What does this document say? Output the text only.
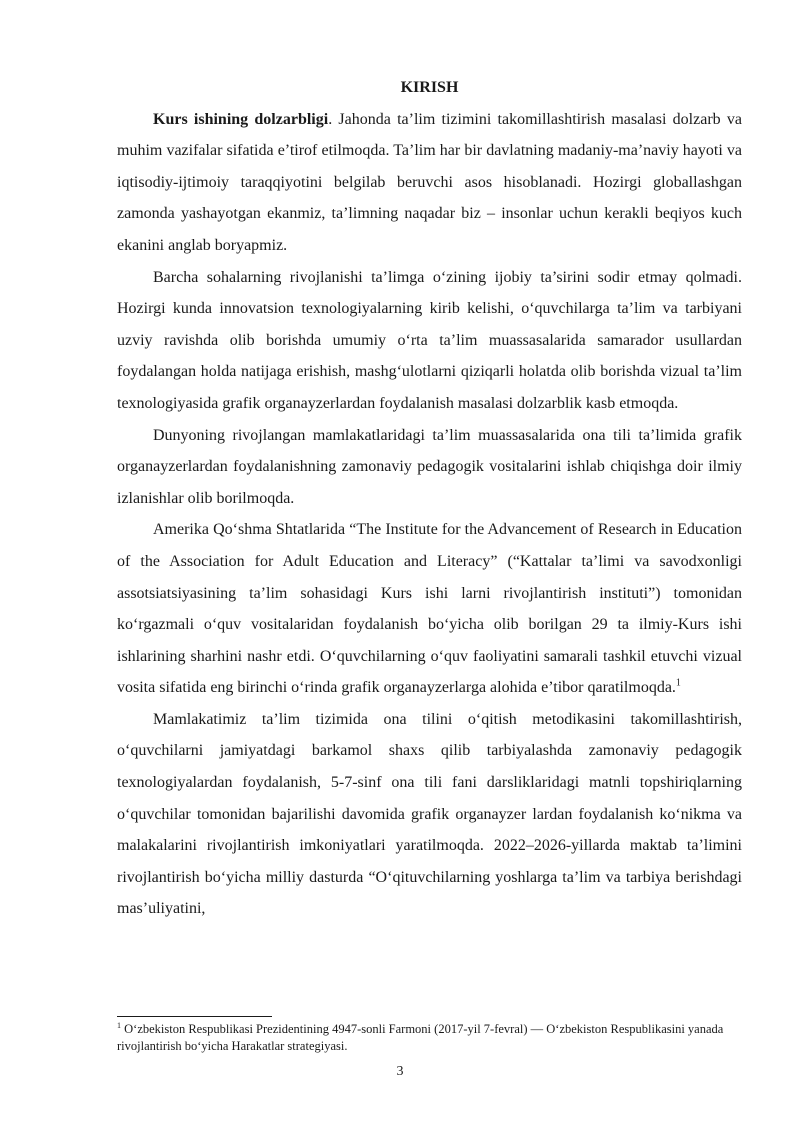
KIRISH

Kurs ishining dolzarbligi. Jahonda ta’lim tizimini takomillashtirish masalasi dolzarb va muhim vazifalar sifatida e’tirof etilmoqda. Ta’lim har bir davlatning madaniy-ma’naviy hayoti va iqtisodiy-ijtimoiy taraqqiyotini belgilab beruvchi asos hisoblanadi. Hozirgi globallashgan zamonda yashayotgan ekanmiz, ta’limning naqadar biz – insonlar uchun kerakli beqiyos kuch ekanini anglab boryapmiz.

Barcha sohalarning rivojlanishi ta’limga o‘zining ijobiy ta’sirini sodir etmay qolmadi. Hozirgi kunda innovatsion texnologiyalarning kirib kelishi, o‘quvchilarga ta’lim va tarbiyani uzviy ravishda olib borishda umumiy o‘rta ta’lim muassasalarida samarador usullardan foydalangan holda natijaga erishish, mashg‘ulotlarni qiziqarli holatda olib borishda vizual ta’lim texnologiyasida grafik organayzerlardan foydalanish masalasi dolzarblik kasb etmoqda.

Dunyoning rivojlangan mamlakatlaridagi ta’lim muassasalarida ona tili ta’limida grafik organayzerlardan foydalanishning zamonaviy pedagogik vositalarini ishlab chiqishga doir ilmiy izlanishlar olib borilmoqda.

Amerika Qo‘shma Shtatlarida “The Institute for the Advancement of Research in Education of the Association for Adult Education and Literacy” (“Kattalar ta’limi va savodxonligi assotsiatsiyasining ta’lim sohasidagi Kurs ishi larni rivojlantirish instituti”) tomonidan ko‘rgazmali o‘quv vositalaridan foydalanish bo‘yicha olib borilgan 29 ta ilmiy-Kurs ishi ishlarining sharhini nashr etdi. O‘quvchilarning o‘quv faoliyatini samarali tashkil etuvchi vizual vosita sifatida eng birinchi o‘rinda grafik organayzerlarga alohida e’tibor qaratilmoqda.$^1$

Mamlakatimiz ta’lim tizimida ona tilini o‘qitish metodikasini takomillashtirish, o‘quvchilarni jamiyatdagi barkamol shaxs qilib tarbiyalashda zamonaviy pedagogik texnologiyalardan foydalanish, 5-7-sinf ona tili fani darsliklaridagi matnli topshiriqlarning o‘quvchilar tomonidan bajarilishi davomida grafik organayzer lardan foydalanish ko‘nikma va malakalarini rivojlantirish imkoniyatlari yaratilmoqda. 2022–2026-yillarda maktab ta’limini rivojlantirish bo‘yicha milliy dasturda “O‘qituvchilarning yoshlarga ta’lim va tarbiya berishdagi mas’uliyatini,

$^1$ O‘zbekiston Respublikasi Prezidentining 4947-sonli Farmoni (2017-yil 7-fevral) — O‘zbekiston Respublikasini yanada rivojlantirish bo‘yicha Harakatlar strategiyasi.

3
